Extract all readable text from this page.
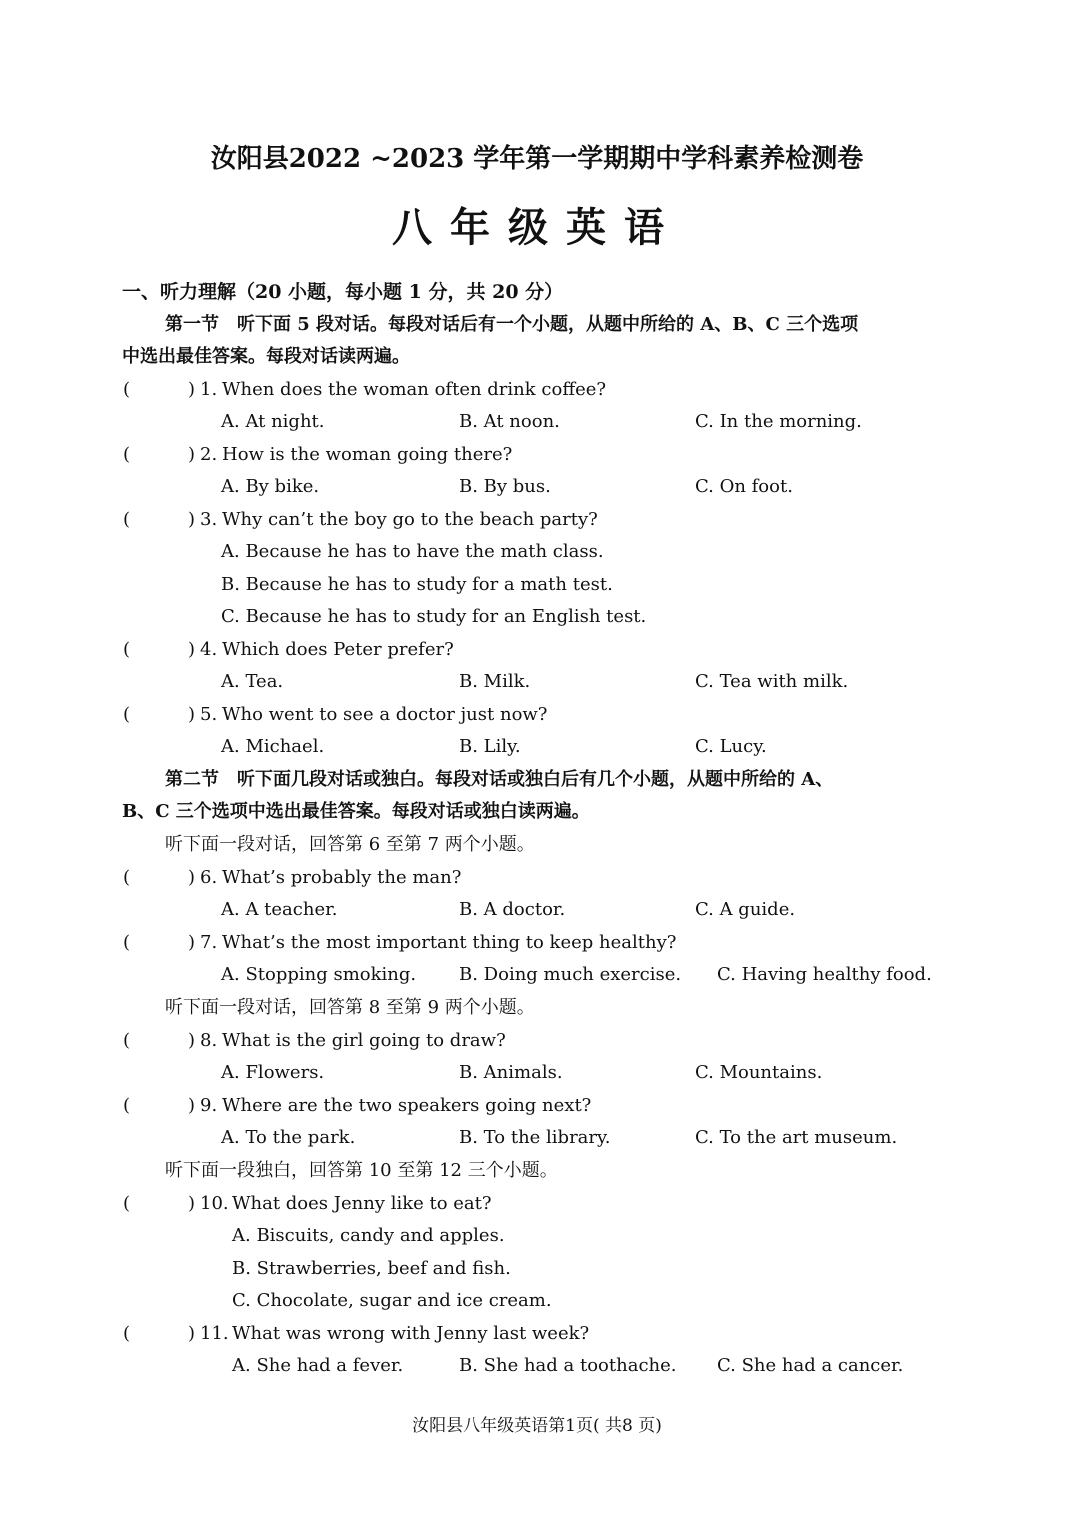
汝阳县2022 ~2023 学年第一学期期中学科素养检测卷
八年级英语
一、听力理解（20 小题，每小题 1 分，共 20 分）
第一节　听下面 5 段对话。每段对话后有一个小题，从题中所给的 A、B、C 三个选项
中选出最佳答案。每段对话读两遍。
(	) 1. When does the woman often drink coffee?
A. At night.	B. At noon.	C. In the morning.
(	) 2. How is the woman going there?
A. By bike.	B. By bus.	C. On foot.
(	) 3. Why can’t the boy go to the beach party?
A. Because he has to have the math class.
B. Because he has to study for a math test.
C. Because he has to study for an English test.
(	) 4. Which does Peter prefer?
A. Tea.	B. Milk.	C. Tea with milk.
(	) 5. Who went to see a doctor just now?
A. Michael.	B. Lily.	C. Lucy.
第二节　听下面几段对话或独白。每段对话或独白后有几个小题，从题中所给的 A、
B、C 三个选项中选出最佳答案。每段对话或独白读两遍。
听下面一段对话，回答第 6 至第 7 两个小题。
(	) 6. What’s probably the man?
A. A teacher.	B. A doctor.	C. A guide.
(	) 7. What’s the most important thing to keep healthy?
A. Stopping smoking. B. Doing much exercise. C. Having healthy food.
听下面一段对话，回答第 8 至第 9 两个小题。
(	) 8. What is the girl going to draw?
A. Flowers.	B. Animals.	C. Mountains.
(	) 9. Where are the two speakers going next?
A. To the park.	B. To the library.	C. To the art museum.
听下面一段独白，回答第 10 至第 12 三个小题。
(	) 10. What does Jenny like to eat?
A. Biscuits, candy and apples.
B. Strawberries, beef and fish.
C. Chocolate, sugar and ice cream.
(	) 11. What was wrong with Jenny last week?
A. She had a fever.	B. She had a toothache. C. She had a cancer.
汝阳县八年级英语第1页( 共8 页)
